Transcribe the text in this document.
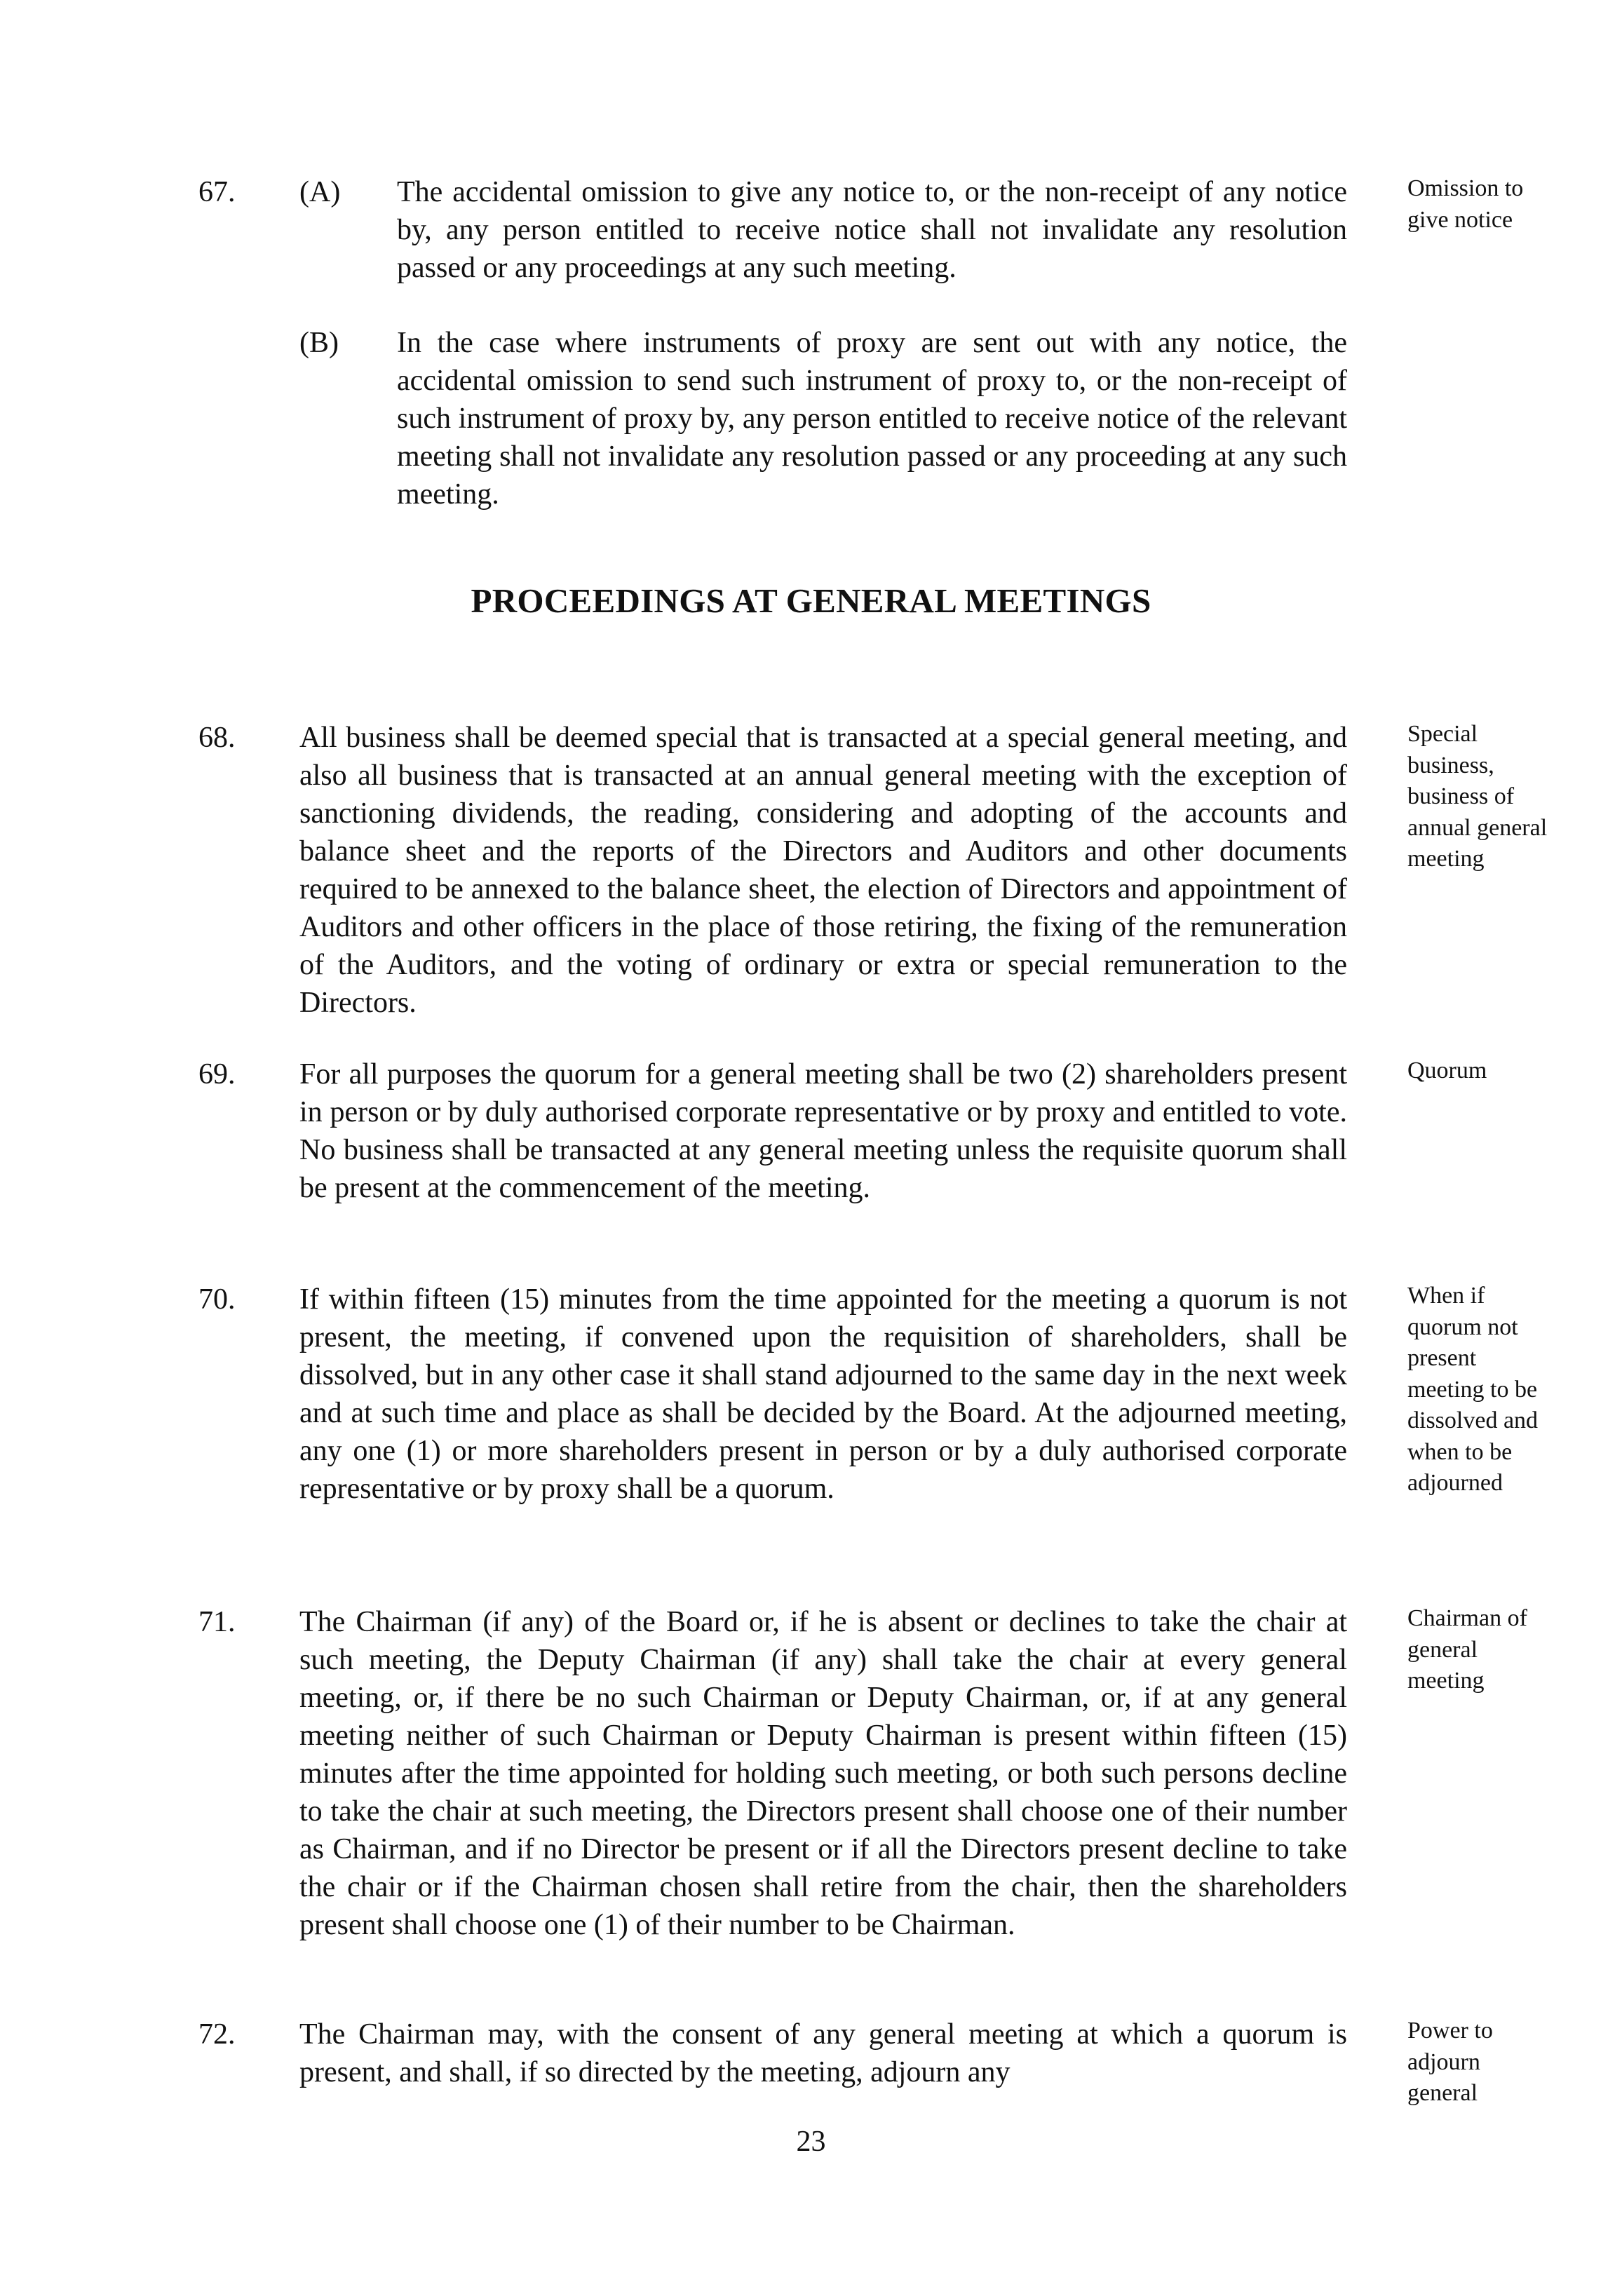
67. (A) The accidental omission to give any notice to, or the non-receipt of any notice by, any person entitled to receive notice shall not invalidate any resolution passed or any proceedings at any such meeting.
Omission to give notice
(B) In the case where instruments of proxy are sent out with any notice, the accidental omission to send such instrument of proxy to, or the non-receipt of such instrument of proxy by, any person entitled to receive notice of the relevant meeting shall not invalidate any resolution passed or any proceeding at any such meeting.
PROCEEDINGS AT GENERAL MEETINGS
68. All business shall be deemed special that is transacted at a special general meeting, and also all business that is transacted at an annual general meeting with the exception of sanctioning dividends, the reading, considering and adopting of the accounts and balance sheet and the reports of the Directors and Auditors and other documents required to be annexed to the balance sheet, the election of Directors and appointment of Auditors and other officers in the place of those retiring, the fixing of the remuneration of the Auditors, and the voting of ordinary or extra or special remuneration to the Directors.
Special business, business of annual general meeting
69. For all purposes the quorum for a general meeting shall be two (2) shareholders present in person or by duly authorised corporate representative or by proxy and entitled to vote. No business shall be transacted at any general meeting unless the requisite quorum shall be present at the commencement of the meeting.
Quorum
70. If within fifteen (15) minutes from the time appointed for the meeting a quorum is not present, the meeting, if convened upon the requisition of shareholders, shall be dissolved, but in any other case it shall stand adjourned to the same day in the next week and at such time and place as shall be decided by the Board. At the adjourned meeting, any one (1) or more shareholders present in person or by a duly authorised corporate representative or by proxy shall be a quorum.
When if quorum not present meeting to be dissolved and when to be adjourned
71. The Chairman (if any) of the Board or, if he is absent or declines to take the chair at such meeting, the Deputy Chairman (if any) shall take the chair at every general meeting, or, if there be no such Chairman or Deputy Chairman, or, if at any general meeting neither of such Chairman or Deputy Chairman is present within fifteen (15) minutes after the time appointed for holding such meeting, or both such persons decline to take the chair at such meeting, the Directors present shall choose one of their number as Chairman, and if no Director be present or if all the Directors present decline to take the chair or if the Chairman chosen shall retire from the chair, then the shareholders present shall choose one (1) of their number to be Chairman.
Chairman of general meeting
72. The Chairman may, with the consent of any general meeting at which a quorum is present, and shall, if so directed by the meeting, adjourn any
Power to adjourn general
23
